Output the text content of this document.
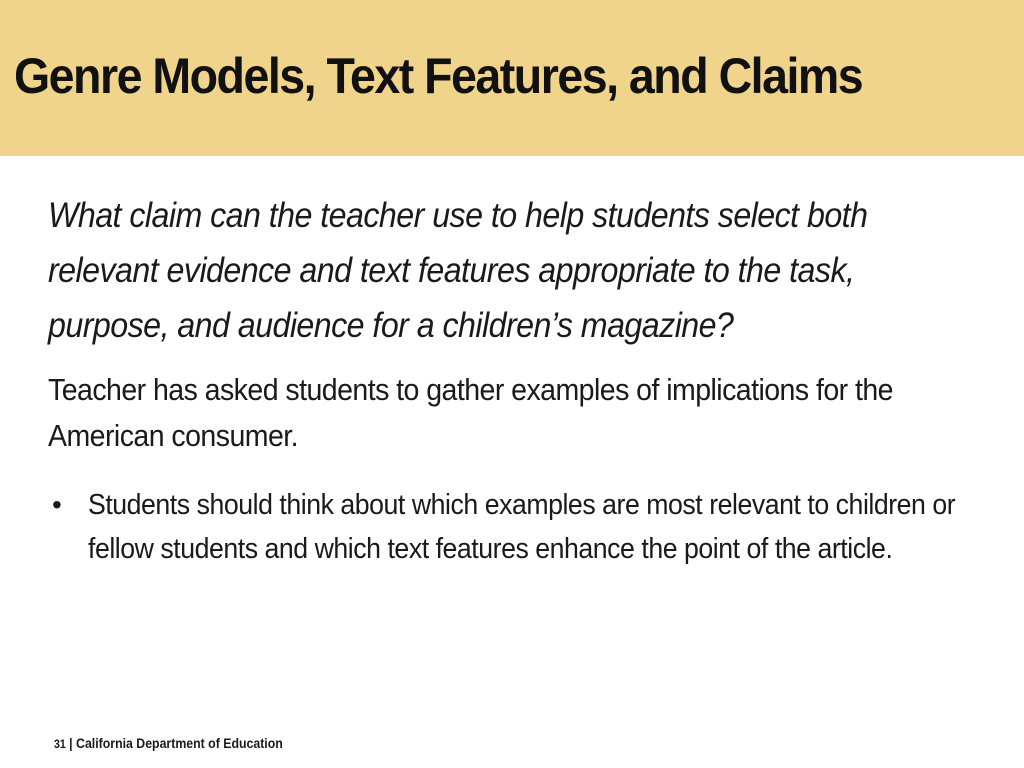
Genre Models, Text Features, and Claims

What claim can the teacher use to help students select both relevant evidence and text features appropriate to the task, purpose, and audience for a children’s magazine?

Teacher has asked students to gather examples of implications for the American consumer.

• Students should think about which examples are most relevant to children or fellow students and which text features enhance the point of the article.
31 | California Department of Education
